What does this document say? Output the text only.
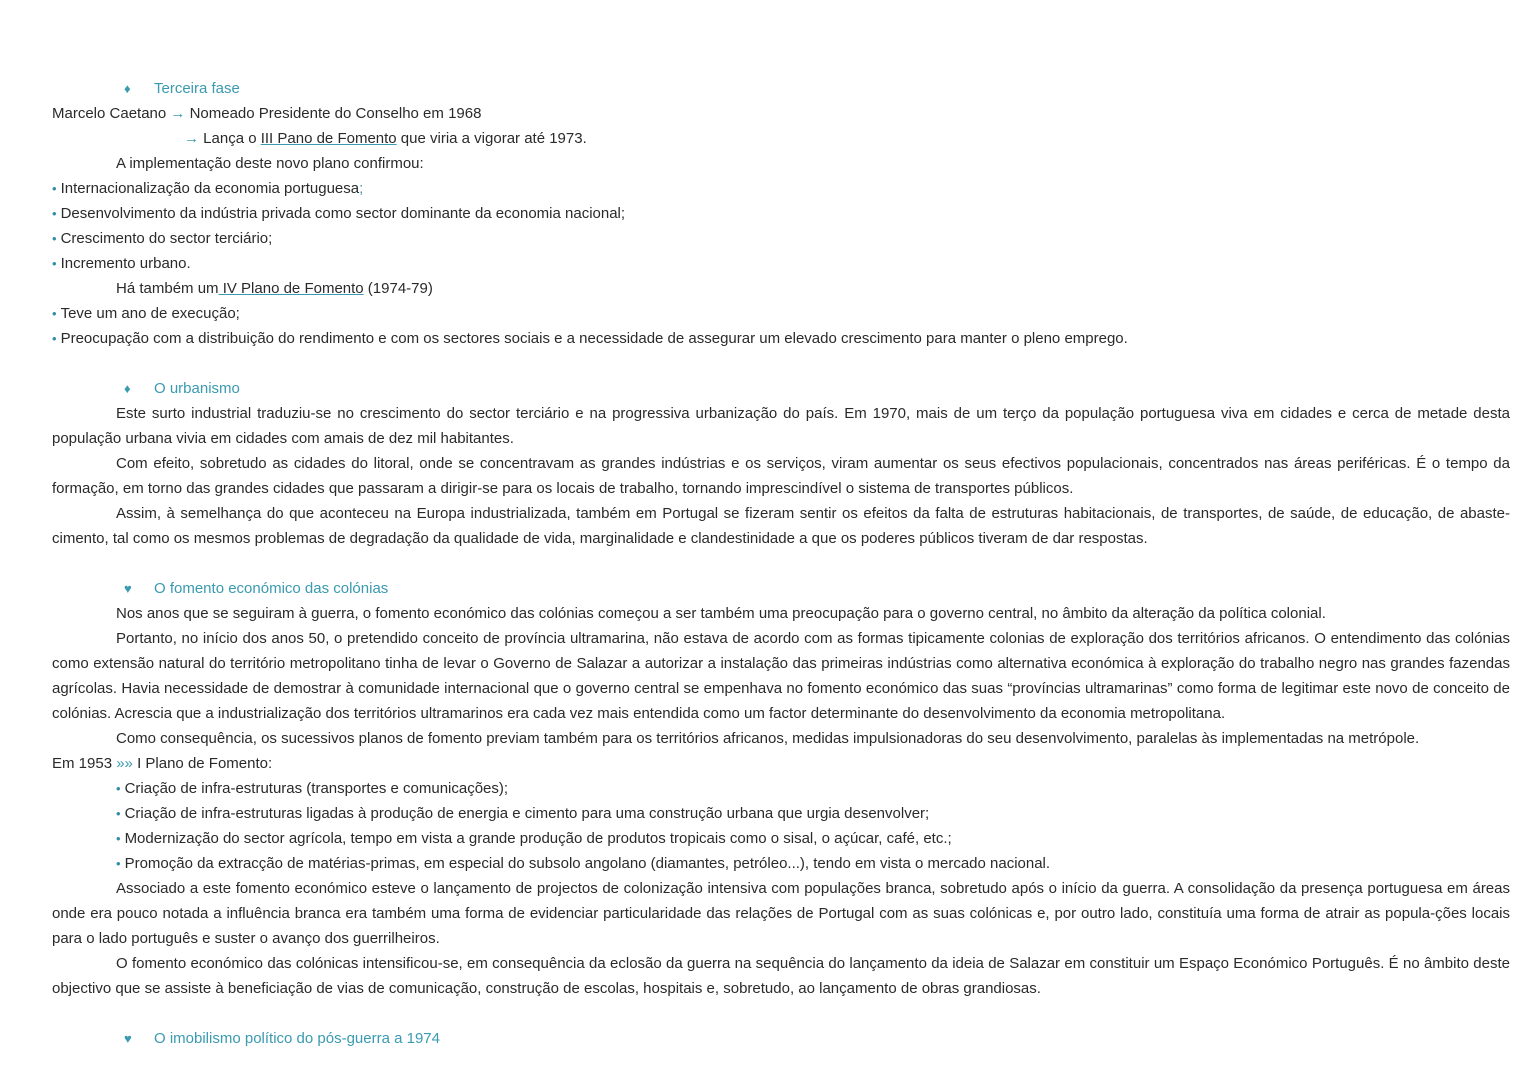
♦ Terceira fase
Marcelo Caetano → Nomeado Presidente do Conselho em 1968
→ Lança o III Pano de Fomento que viria a vigorar até 1973.
A implementação deste novo plano confirmou:
• Internacionalização da economia portuguesa;
• Desenvolvimento da indústria privada como sector dominante da economia nacional;
• Crescimento do sector terciário;
• Incremento urbano.
Há também um IV Plano de Fomento (1974-79)
• Teve um ano de execução;
• Preocupação com a distribuição do rendimento e com os sectores sociais e a necessidade de assegurar um elevado crescimento para manter o pleno emprego.
♦ O urbanismo
Este surto industrial traduziu-se no crescimento do sector terciário e na progressiva urbanização do país. Em 1970, mais de um terço da população portuguesa viva em cidades e cerca de metade desta população urbana vivia em cidades com amais de dez mil habitantes.
Com efeito, sobretudo as cidades do litoral, onde se concentravam as grandes indústrias e os serviços, viram aumentar os seus efectivos populacionais, concentrados nas áreas periféricas. É o tempo da formação, em torno das grandes cidades que passaram a dirigir-se para os locais de trabalho, tornando imprescindível o sistema de transportes públicos.
Assim, à semelhança do que aconteceu na Europa industrializada, também em Portugal se fizeram sentir os efeitos da falta de estruturas habitacionais, de transportes, de saúde, de educação, de abaste-cimento, tal como os mesmos problemas de degradação da qualidade de vida, marginalidade e clandestinidade a que os poderes públicos tiveram de dar respostas.
♥ O fomento económico das colónias
Nos anos que se seguiram à guerra, o fomento económico das colónias começou a ser também uma preocupação para o governo central, no âmbito da alteração da política colonial.
Portanto, no início dos anos 50, o pretendido conceito de província ultramarina, não estava de acordo com as formas tipicamente colonias de exploração dos territórios africanos. O entendimento das colónias como extensão natural do território metropolitano tinha de levar o Governo de Salazar a autorizar a instalação das primeiras indústrias como alternativa económica à exploração do trabalho negro nas grandes fazendas agrícolas. Havia necessidade de demostrar à comunidade internacional que o governo central se empenhava no fomento económico das suas “províncias ultramarinas” como forma de legitimar este novo de conceito de colónias. Acrescia que a industrialização dos territórios ultramarinos era cada vez mais entendida como um factor determinante do desenvolvimento da economia metropolitana.
Como consequência, os sucessivos planos de fomento previam também para os territórios africanos, medidas impulsionadoras do seu desenvolvimento, paralelas às implementadas na metrópole.
Em 1953 »» I Plano de Fomento:
• Criação de infra-estruturas (transportes e comunicações);
• Criação de infra-estruturas ligadas à produção de energia e cimento para uma construção urbana que urgia desenvolver;
• Modernização do sector agrícola, tempo em vista a grande produção de produtos tropicais como o sisal, o açúcar, café, etc.;
• Promoção da extracção de matérias-primas, em especial do subsolo angolano (diamantes, petróleo...), tendo em vista o mercado nacional.
Associado a este fomento económico esteve o lançamento de projectos de colonização intensiva com populações branca, sobretudo após o início da guerra. A consolidação da presença portuguesa em áreas onde era pouco notada a influência branca era também uma forma de evidenciar particularidade das relações de Portugal com as suas colónicas e, por outro lado, constituía uma forma de atrair as popula-ções locais para o lado português e suster o avanço dos guerrilheiros.
O fomento económico das colónicas intensificou-se, em consequência da eclosão da guerra na sequência do lançamento da ideia de Salazar em constituir um Espaço Económico Português. É no âmbito deste objectivo que se assiste à beneficiação de vias de comunicação, construção de escolas, hospitais e, sobretudo, ao lançamento de obras grandiosas.
♥ O imobilismo político do pós-guerra a 1974
